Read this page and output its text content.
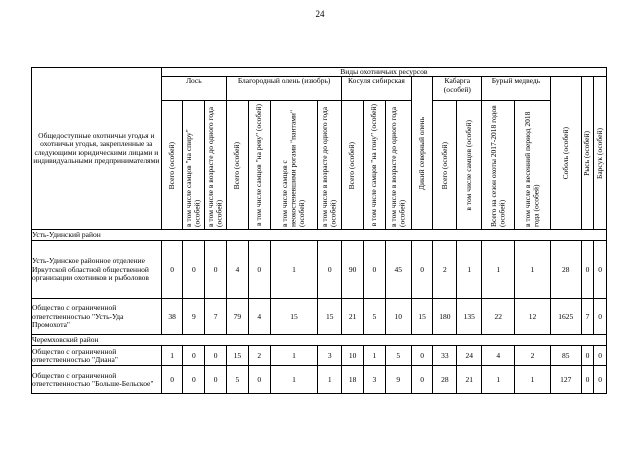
24
Общедоступные охотничьи угодья и охотничьи угодья, закрепленные за следующими юридическими лицами и индивидуальными предпринимателями	Виды охотничьих ресурсов																	
	Лось			Благородный олень (изюбрь)				Косуля сибирская			Дикий северный олень	Кабарга (особей)		Бурый медведь		Соболь (особей)	Рысь (особей)	Барсук (особей)

	Всего (особей)	в том числе самцов "на спиру" (особей)	в том числе в возрасте до одного года (особей)	Всего (особей)	в том числе самцов "на реву" (особей)	в том числе самцов с неокостеневшими рогами "пантами" (особей)	в том числе в возрасте до одного года (особей)	Всего (особей)	в том числе самцов "на гону" (особей)	в том числе в возрасте до одного года (особей)		Всего (особей)	в том числе самцов (особей)	Всего на сезон охоты 2017-2018 годов (особей)	в том числе в весенний период 2018 года (особей)			

Усть-Удинский район																		
Усть-Удинское районное отделение Иркутской областной общественной организации охотников и рыболовов	0	0	0	4	0	1	0	90	0	45	0	2	1	1	1	28	0	0
Общество с ограниченной ответственностью "Усть-Уда Промохота"	38	9	7	79	4	15	15	21	5	10	15	180	135	22	12	1625	7	0
Черемховский район																		
Общество с ограниченной ответственностью "Диана"	1	0	0	15	2	1	3	10	1	5	0	33	24	4	2	85	0	0
Общество с ограниченной ответственностью "Больше-Бельское"	0	0	0	5	0	1	1	18	3	9	0	28	21	1	1	127	0	0
